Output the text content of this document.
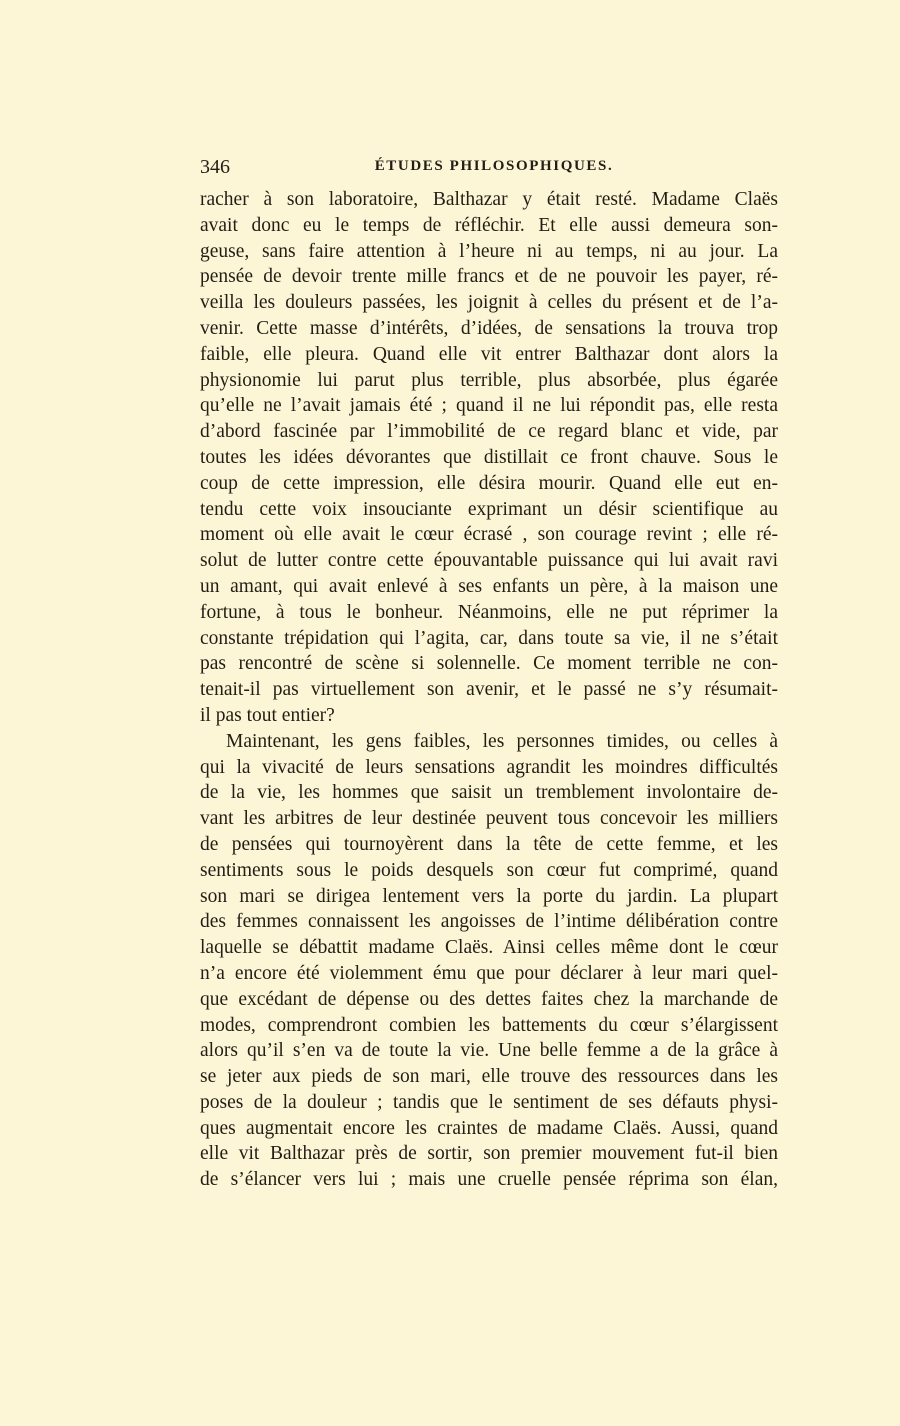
346	ÉTUDES PHILOSOPHIQUES.
racher à son laboratoire, Balthazar y était resté. Madame Claës
avait donc eu le temps de réfléchir. Et elle aussi demeura son-
geuse, sans faire attention à l’heure ni au temps, ni au jour. La
pensée de devoir trente mille francs et de ne pouvoir les payer, ré-
veilla les douleurs passées, les joignit à celles du présent et de l’a-
venir. Cette masse d’intérêts, d’idées, de sensations la trouva trop
faible, elle pleura. Quand elle vit entrer Balthazar dont alors la
physionomie lui parut plus terrible, plus absorbée, plus égarée
qu’elle ne l’avait jamais été ; quand il ne lui répondit pas, elle resta
d’abord fascinée par l’immobilité de ce regard blanc et vide, par
toutes les idées dévorantes que distillait ce front chauve. Sous le
coup de cette impression, elle désira mourir. Quand elle eut en-
tendu cette voix insouciante exprimant un désir scientifique au
moment où elle avait le cœur écrasé , son courage revint ; elle ré-
solut de lutter contre cette épouvantable puissance qui lui avait ravi
un amant, qui avait enlevé à ses enfants un père, à la maison une
fortune, à tous le bonheur. Néanmoins, elle ne put réprimer la
constante trépidation qui l’agita, car, dans toute sa vie, il ne s’était
pas rencontré de scène si solennelle. Ce moment terrible ne con-
tenait-il pas virtuellement son avenir, et le passé ne s’y résumait-
il pas tout entier?
Maintenant, les gens faibles, les personnes timides, ou celles à
qui la vivacité de leurs sensations agrandit les moindres difficultés
de la vie, les hommes que saisit un tremblement involontaire de-
vant les arbitres de leur destinée peuvent tous concevoir les milliers
de pensées qui tournoyèrent dans la tête de cette femme, et les
sentiments sous le poids desquels son cœur fut comprimé, quand
son mari se dirigea lentement vers la porte du jardin. La plupart
des femmes connaissent les angoisses de l’intime délibération contre
laquelle se débattit madame Claës. Ainsi celles même dont le cœur
n’a encore été violemment ému que pour déclarer à leur mari quel-
que excédant de dépense ou des dettes faites chez la marchande de
modes, comprendront combien les battements du cœur s’élargissent
alors qu’il s’en va de toute la vie. Une belle femme a de la grâce à
se jeter aux pieds de son mari, elle trouve des ressources dans les
poses de la douleur ; tandis que le sentiment de ses défauts physi-
ques augmentait encore les craintes de madame Claës. Aussi, quand
elle vit Balthazar près de sortir, son premier mouvement fut-il bien
de s’élancer vers lui ; mais une cruelle pensée réprima son élan,
